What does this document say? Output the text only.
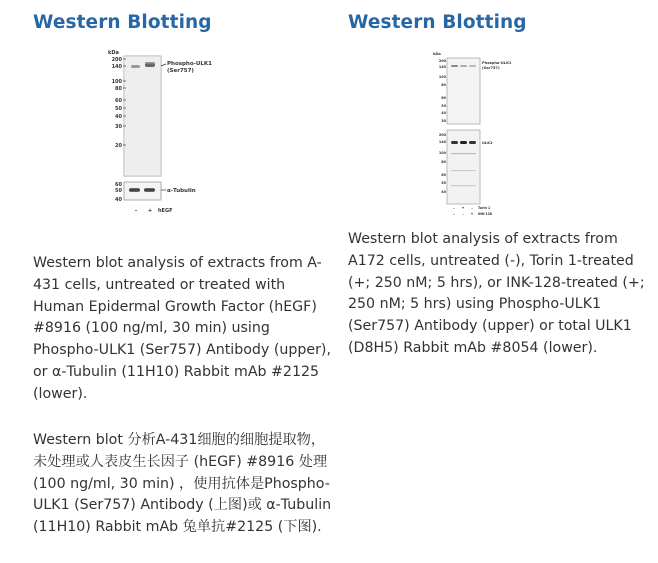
Western Blotting
kDa
200
140
100
80
60
50
40
30
20
Phospho-ULK1
(Ser757)
60
50
40
α-Tubulin
– + hEGF
Western blot analysis of extracts from A-431 cells, untreated or treated with Human Epidermal Growth Factor (hEGF) #8916 (100 ng/ml, 30 min) using Phospho-ULK1 (Ser757) Antibody (upper), or α-Tubulin (11H10) Rabbit mAb #2125 (lower).
Western blot 分析A-431细胞的细胞提取物，未处理或人表皮生长因子 (hEGF) #8916 处理 (100 ng/ml, 30 min) ，使用抗体是Phospho-ULK1 (Ser757) Antibody (上图)或 α-Tubulin (11H10) Rabbit mAb 兔单抗#2125 (下图).
Western Blotting
kDa
200
140
100
80
60
50
40
30
Phospho-ULK1
(Ser757)
200
140
100
80
60
50
40
ULK1
– + –
– – +
Torin 1
INK-128
Western blot analysis of extracts from A172 cells, untreated (-), Torin 1-treated (+; 250 nM; 5 hrs), or INK-128-treated (+; 250 nM; 5 hrs) using Phospho-ULK1 (Ser757) Antibody (upper) or total ULK1 (D8H5) Rabbit mAb #8054 (lower).
